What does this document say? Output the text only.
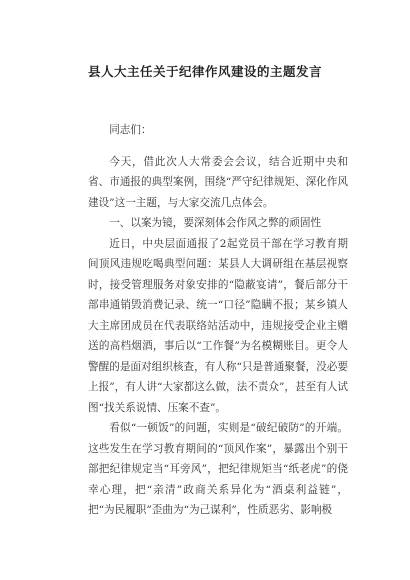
县人大主任关于纪律作风建设的主题发言

同志们：

今天，借此次人大常委会会议，结合近期中央和省、市通报的典型案例，围绕“严守纪律规矩、深化作风建设”这一主题，与大家交流几点体会。

一、以案为镜，要深刻体会作风之弊的顽固性

近日，中央层面通报了2起党员干部在学习教育期间顶风违规吃喝典型问题：某县人大调研组在基层视察时，接受管理服务对象安排的“隐蔽宴请”，餐后部分干部串通销毁消费记录、统一“口径”隐瞒不报；某乡镇人大主席团成员在代表联络站活动中，违规接受企业主赠送的高档烟酒，事后以“工作餐”为名模糊账目。更令人警醒的是面对组织核查，有人称“只是普通聚餐，没必要上报”，有人讲“大家都这么做，法不责众”，甚至有人试图“找关系说情、压案不查”。

看似“一顿饭”的问题，实则是“破纪破防”的开端。这些发生在学习教育期间的“顶风作案”，暴露出个别干部把纪律规定当“耳旁风”，把纪律规矩当“纸老虎”的侥幸心理，把“亲清”政商关系异化为“酒桌利益链”，把“为民履职”歪曲为“为己谋利”，性质恶劣、影响极
